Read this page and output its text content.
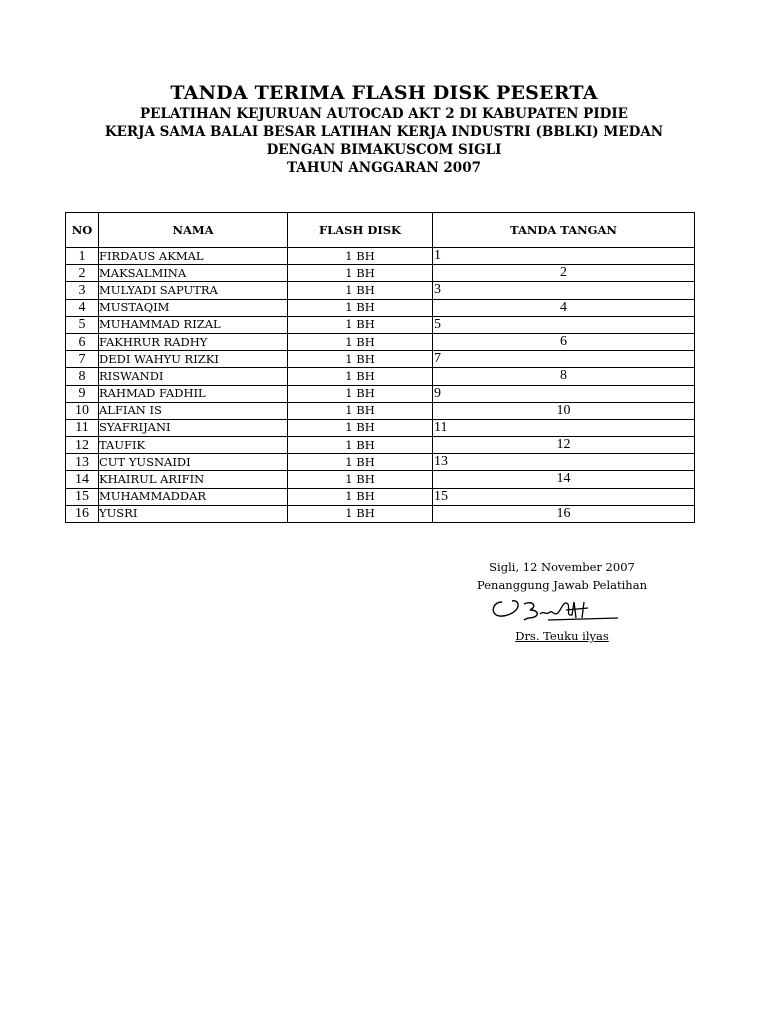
TANDA TERIMA FLASH DISK PESERTA
PELATIHAN KEJURUAN AUTOCAD AKT 2 DI KABUPATEN PIDIE
KERJA SAMA BALAI BESAR LATIHAN KERJA INDUSTRI (BBLKI) MEDAN
DENGAN BIMAKUSCOM SIGLI
TAHUN ANGGARAN 2007
NO	NAMA	FLASH DISK	TANDA TANGAN
1	FIRDAUS AKMAL	1 BH	1
2	MAKSALMINA	1 BH	2
3	MULYADI SAPUTRA	1 BH	3
4	MUSTAQIM	1 BH	4
5	MUHAMMAD RIZAL	1 BH	5
6	FAKHRUR RADHY	1 BH	6
7	DEDI WAHYU RIZKI	1 BH	7
8	RISWANDI	1 BH	8
9	RAHMAD FADHIL	1 BH	9
10	ALFIAN IS	1 BH	10
11	SYAFRIJANI	1 BH	11
12	TAUFIK	1 BH	12
13	CUT YUSNAIDI	1 BH	13
14	KHAIRUL ARIFIN	1 BH	14
15	MUHAMMADDAR	1 BH	15
16	YUSRI	1 BH	16
Sigli, 12 November 2007
Penanggung Jawab Pelatihan
Drs. Teuku ilyas
